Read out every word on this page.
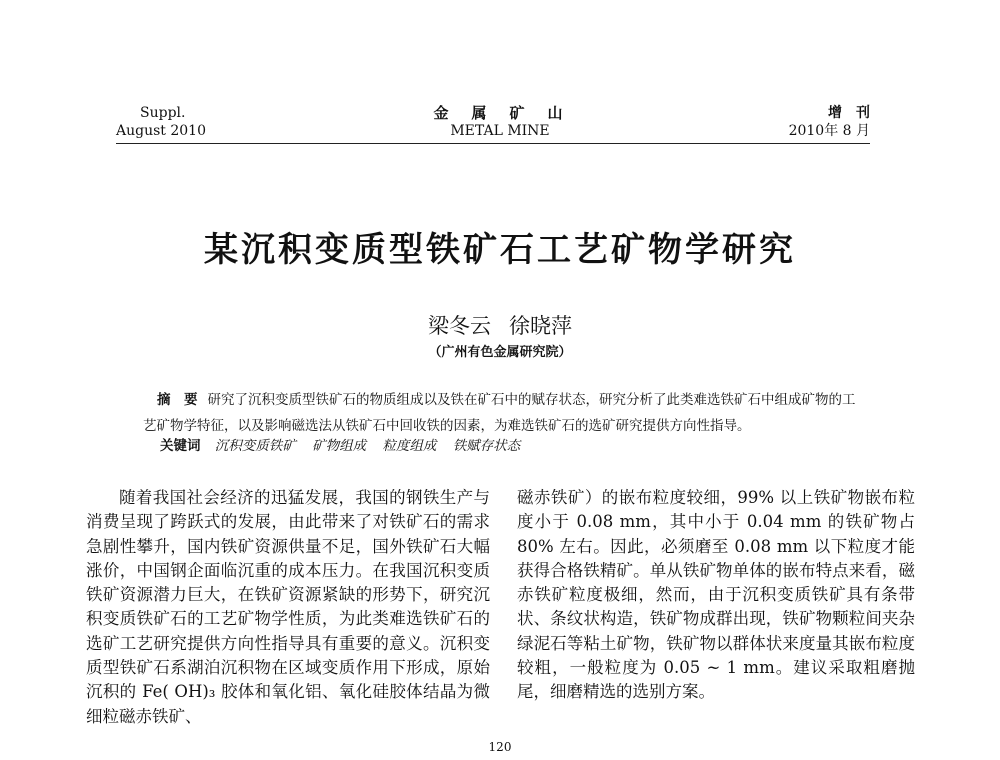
Suppl.
August 2010
金　属　矿　山
METAL MINE
增　刊
2010年 8 月
某沉积变质型铁矿石工艺矿物学研究
梁冬云 徐晓萍
（广州有色金属研究院）

摘　要 研究了沉积变质型铁矿石的物质组成以及铁在矿石中的赋存状态，研究分析了此类难选铁矿石中组成矿物的工艺矿物学特征，以及影响磁选法从铁矿石中回收铁的因素，为难选铁矿石的选矿研究提供方向性指导。

关键词 沉积变质铁矿 矿物组成 粒度组成 铁赋存状态

随着我国社会经济的迅猛发展，我国的钢铁生产与消费呈现了跨跃式的发展，由此带来了对铁矿石的需求急剧性攀升，国内铁矿资源供量不足，国外铁矿石大幅涨价，中国钢企面临沉重的成本压力。在我国沉积变质铁矿资源潜力巨大，在铁矿资源紧缺的形势下，研究沉积变质铁矿石的工艺矿物学性质，为此类难选铁矿石的选矿工艺研究提供方向性指导具有重要的意义。沉积变质型铁矿石系湖泊沉积物在区域变质作用下形成，原始沉积的 Fe( OH)₃ 胶体和氧化铝、氧化硅胶体结晶为微细粒磁赤铁矿、

磁赤铁矿）的嵌布粒度较细，99% 以上铁矿物嵌布粒度小于 0.08 mm，其中小于 0.04 mm 的铁矿物占 80% 左右。因此，必须磨至 0.08 mm 以下粒度才能获得合格铁精矿。单从铁矿物单体的嵌布特点来看，磁赤铁矿粒度极细，然而，由于沉积变质铁矿具有条带状、条纹状构造，铁矿物成群出现，铁矿物颗粒间夹杂绿泥石等粘土矿物，铁矿物以群体状来度量其嵌布粒度较粗，一般粒度为 0.05 ~ 1 mm。建议采取粗磨抛尾，细磨精选的选别方案。

120
